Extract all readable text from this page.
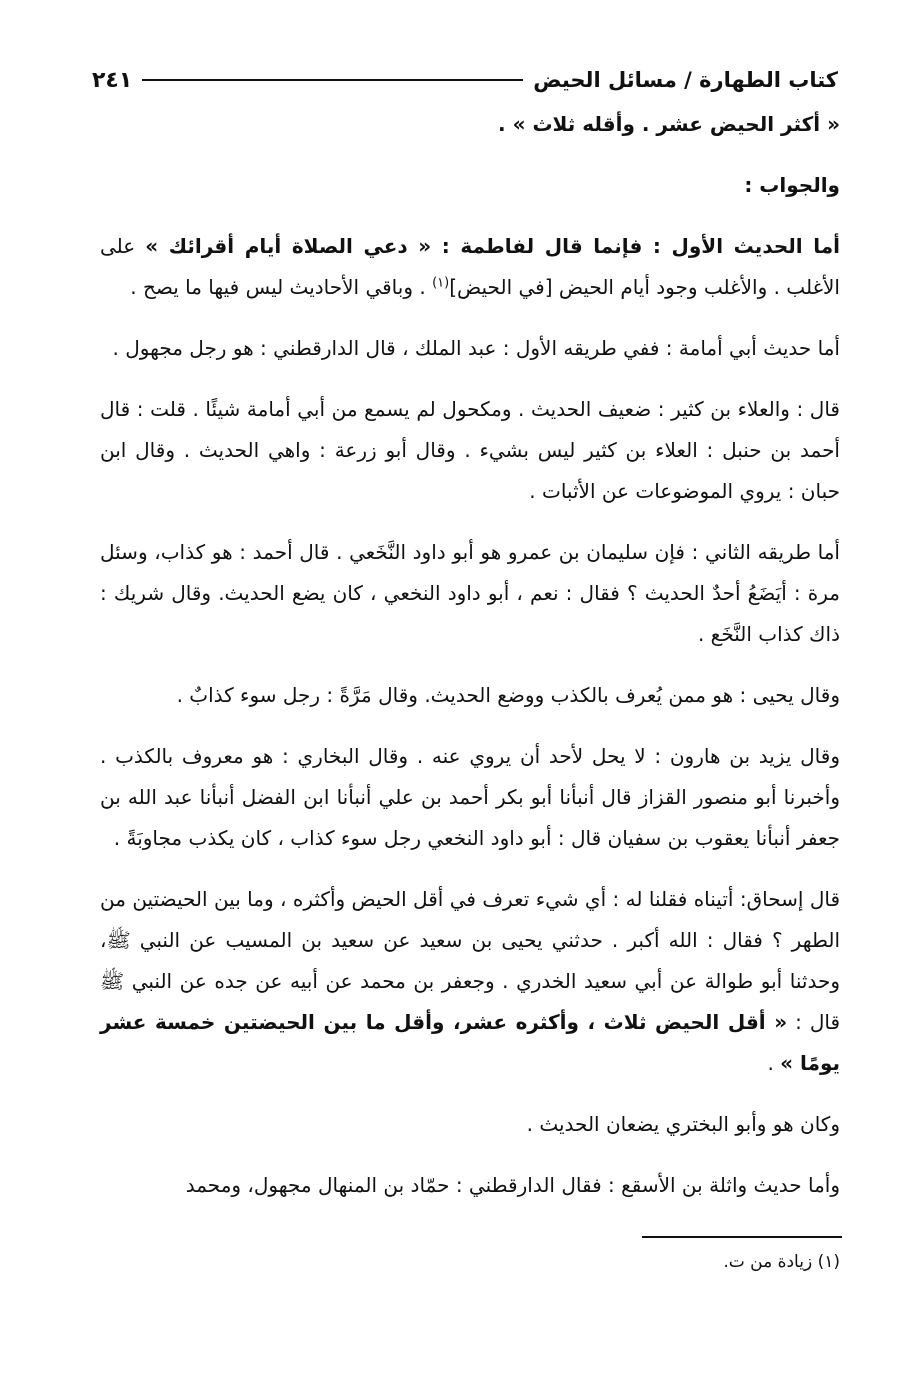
كتاب الطهارة / مسائل الحيض
٢٤١

« أكثر الحيض عشر . وأقله ثلاث » .

والجواب :

أما الحديث الأول : فإنما قال لفاطمة : « دعي الصلاة أيام أقرائك » على الأغلب . والأغلب وجود أيام الحيض [في الحيض]$^{(١)}$ . وباقي الأحاديث ليس فيها ما يصح .

أما حديث أبي أمامة : ففي طريقه الأول : عبد الملك ، قال الدارقطني : هو رجل مجهول .

قال : والعلاء بن كثير : ضعيف الحديث . ومكحول لم يسمع من أبي أمامة شيئًا . قلت : قال أحمد بن حنبل : العلاء بن كثير ليس بشيء . وقال أبو زرعة : واهي الحديث . وقال ابن حبان : يروي الموضوعات عن الأثبات .

أما طريقه الثاني : فإن سليمان بن عمرو هو أبو داود النَّخَعي . قال أحمد : هو كذاب، وسئل مرة : أيَضَعُ أحدٌ الحديث ؟ فقال : نعم ، أبو داود النخعي ، كان يضع الحديث. وقال شريك : ذاك كذاب النَّخَع .

وقال يحيى : هو ممن يُعرف بالكذب ووضع الحديث. وقال مَرَّةً : رجل سوء كذابٌ .

وقال يزيد بن هارون : لا يحل لأحد أن يروي عنه . وقال البخاري : هو معروف بالكذب . وأخبرنا أبو منصور القزاز قال أنبأنا أبو بكر أحمد بن علي أنبأنا ابن الفضل أنبأنا عبد الله بن جعفر أنبأنا يعقوب بن سفيان قال : أبو داود النخعي رجل سوء كذاب ، كان يكذب مجاوبَةً .

قال إسحاق: أتيناه فقلنا له : أي شيء تعرف في أقل الحيض وأكثره ، وما بين الحيضتين من الطهر ؟ فقال : الله أكبر . حدثني يحيى بن سعيد عن سعيد بن المسيب عن النبي ﷺ، وحدثنا أبو طوالة عن أبي سعيد الخدري . وجعفر بن محمد عن أبيه عن جده عن النبي ﷺ قال : « أقل الحيض ثلاث ، وأكثره عشر، وأقل ما بين الحيضتين خمسة عشر يومًا » .

وكان هو وأبو البختري يضعان الحديث .

وأما حديث واثلة بن الأسقع : فقال الدارقطني : حمّاد بن المنهال مجهول، ومحمد

(١) زيادة من ت.
